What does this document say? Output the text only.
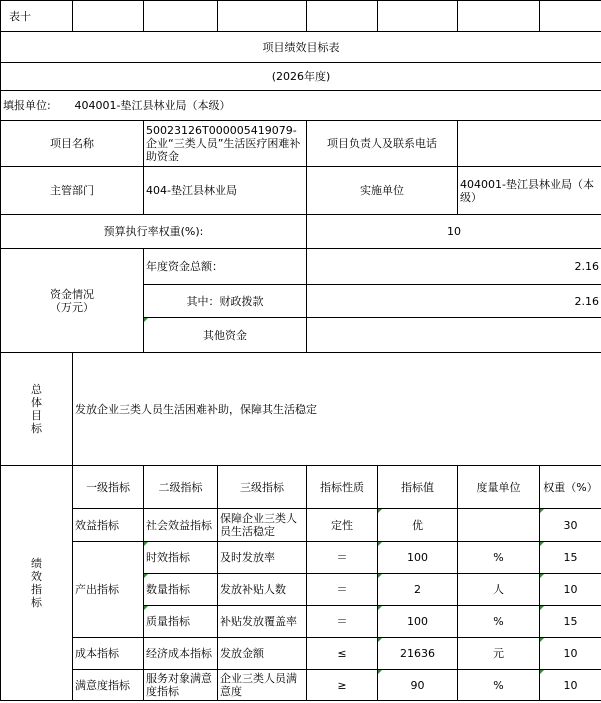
表十							
项目绩效目标表							
(2026年度)							
填报单位:	404001-垫江县林业局（本级）						
项目名称		50023126T000005419079-企业“三类人员”生活医疗困难补助资金		项目负责人及联系电话			
主管部门		404-垫江县林业局		实施单位		404001-垫江县林业局（本级）	
预算执行率权重(%):				10			
资金情况（万元）		年度资金总额：		2.16			
		其中：财政拨款		2.16			
		其他资金					
总体目标	发放企业三类人员生活困难补助，保障其生活稳定						
绩效指标	一级指标	二级指标	三级指标	指标性质	指标值	度量单位	权重（%）
	效益指标	社会效益指标	保障企业三类人员生活稳定	定性	优		30
	产出指标	时效指标	及时发放率	＝	100	%	15
		数量指标	发放补贴人数	＝	2	人	10
		质量指标	补贴发放覆盖率	＝	100	%	15
	成本指标	经济成本指标	发放金额	≤	21636	元	10
	满意度指标	服务对象满意度指标	企业三类人员满意度	≥	90	%	10
